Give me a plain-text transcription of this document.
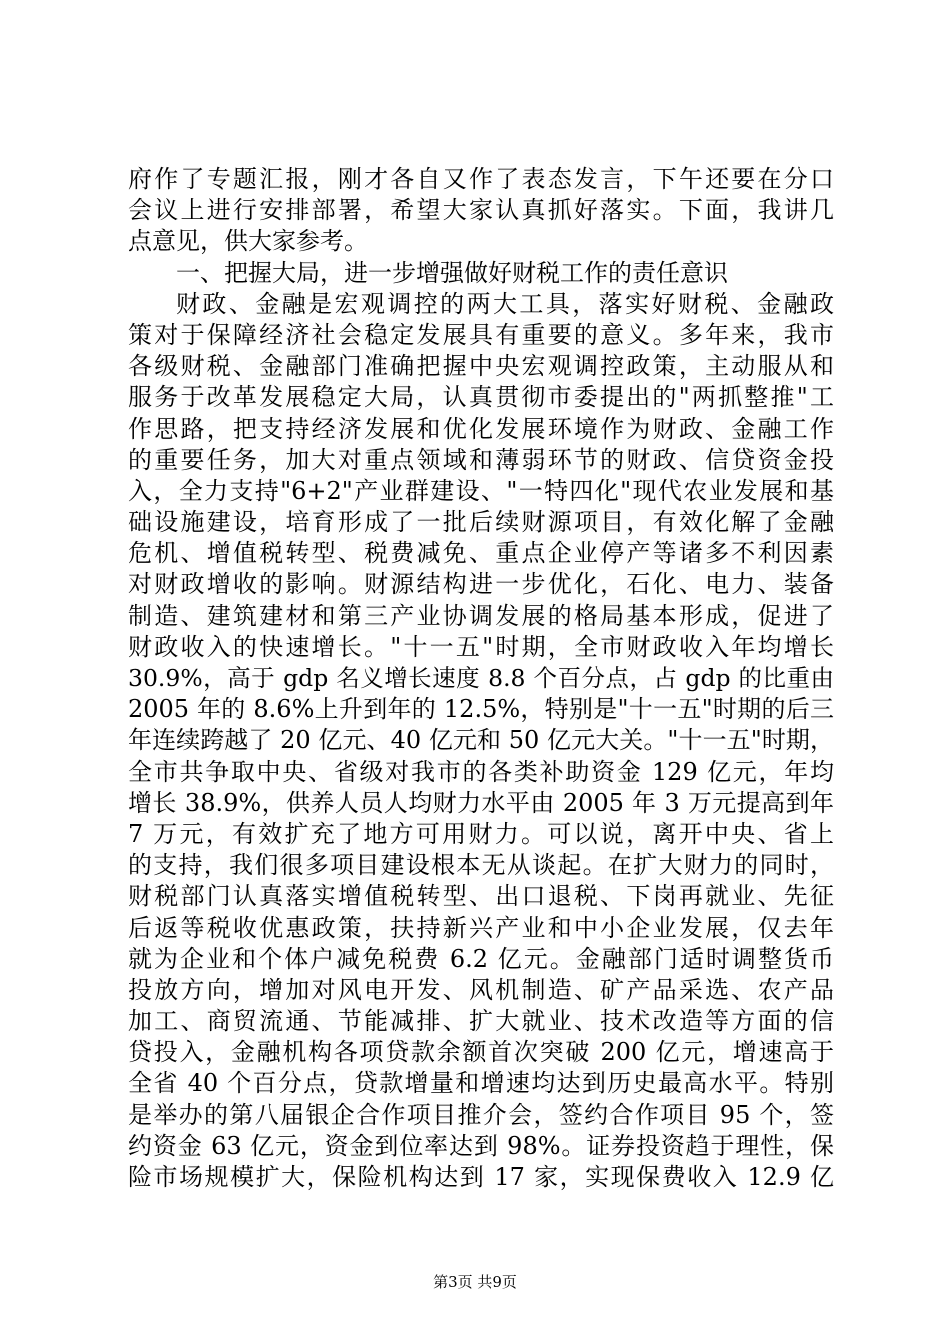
府作了专题汇报，刚才各自又作了表态发言，下午还要在分口
会议上进行安排部署，希望大家认真抓好落实。下面，我讲几
点意见，供大家参考。
一、把握大局，进一步增强做好财税工作的责任意识
财政、金融是宏观调控的两大工具，落实好财税、金融政
策对于保障经济社会稳定发展具有重要的意义。多年来，我市
各级财税、金融部门准确把握中央宏观调控政策，主动服从和
服务于改革发展稳定大局，认真贯彻市委提出的"两抓整推"工
作思路，把支持经济发展和优化发展环境作为财政、金融工作
的重要任务，加大对重点领域和薄弱环节的财政、信贷资金投
入，全力支持"6+2"产业群建设、"一特四化"现代农业发展和基
础设施建设，培育形成了一批后续财源项目，有效化解了金融
危机、增值税转型、税费减免、重点企业停产等诸多不利因素
对财政增收的影响。财源结构进一步优化，石化、电力、装备
制造、建筑建材和第三产业协调发展的格局基本形成，促进了
财政收入的快速增长。"十一五"时期，全市财政收入年均增长
30.9%，高于 gdp 名义增长速度 8.8 个百分点，占 gdp 的比重由
2005 年的 8.6%上升到年的 12.5%，特别是"十一五"时期的后三
年连续跨越了 20 亿元、40 亿元和 50 亿元大关。"十一五"时期，
全市共争取中央、省级对我市的各类补助资金 129 亿元，年均
增长 38.9%，供养人员人均财力水平由 2005 年 3 万元提高到年
7 万元，有效扩充了地方可用财力。可以说，离开中央、省上
的支持，我们很多项目建设根本无从谈起。在扩大财力的同时，
财税部门认真落实增值税转型、出口退税、下岗再就业、先征
后返等税收优惠政策，扶持新兴产业和中小企业发展，仅去年
就为企业和个体户减免税费 6.2 亿元。金融部门适时调整货币
投放方向，增加对风电开发、风机制造、矿产品采选、农产品
加工、商贸流通、节能减排、扩大就业、技术改造等方面的信
贷投入，金融机构各项贷款余额首次突破 200 亿元，增速高于
全省 40 个百分点，贷款增量和增速均达到历史最高水平。特别
是举办的第八届银企合作项目推介会，签约合作项目 95 个，签
约资金 63 亿元，资金到位率达到 98%。证券投资趋于理性，保
险市场规模扩大，保险机构达到 17 家，实现保费收入 12.9 亿
第3页 共9页
